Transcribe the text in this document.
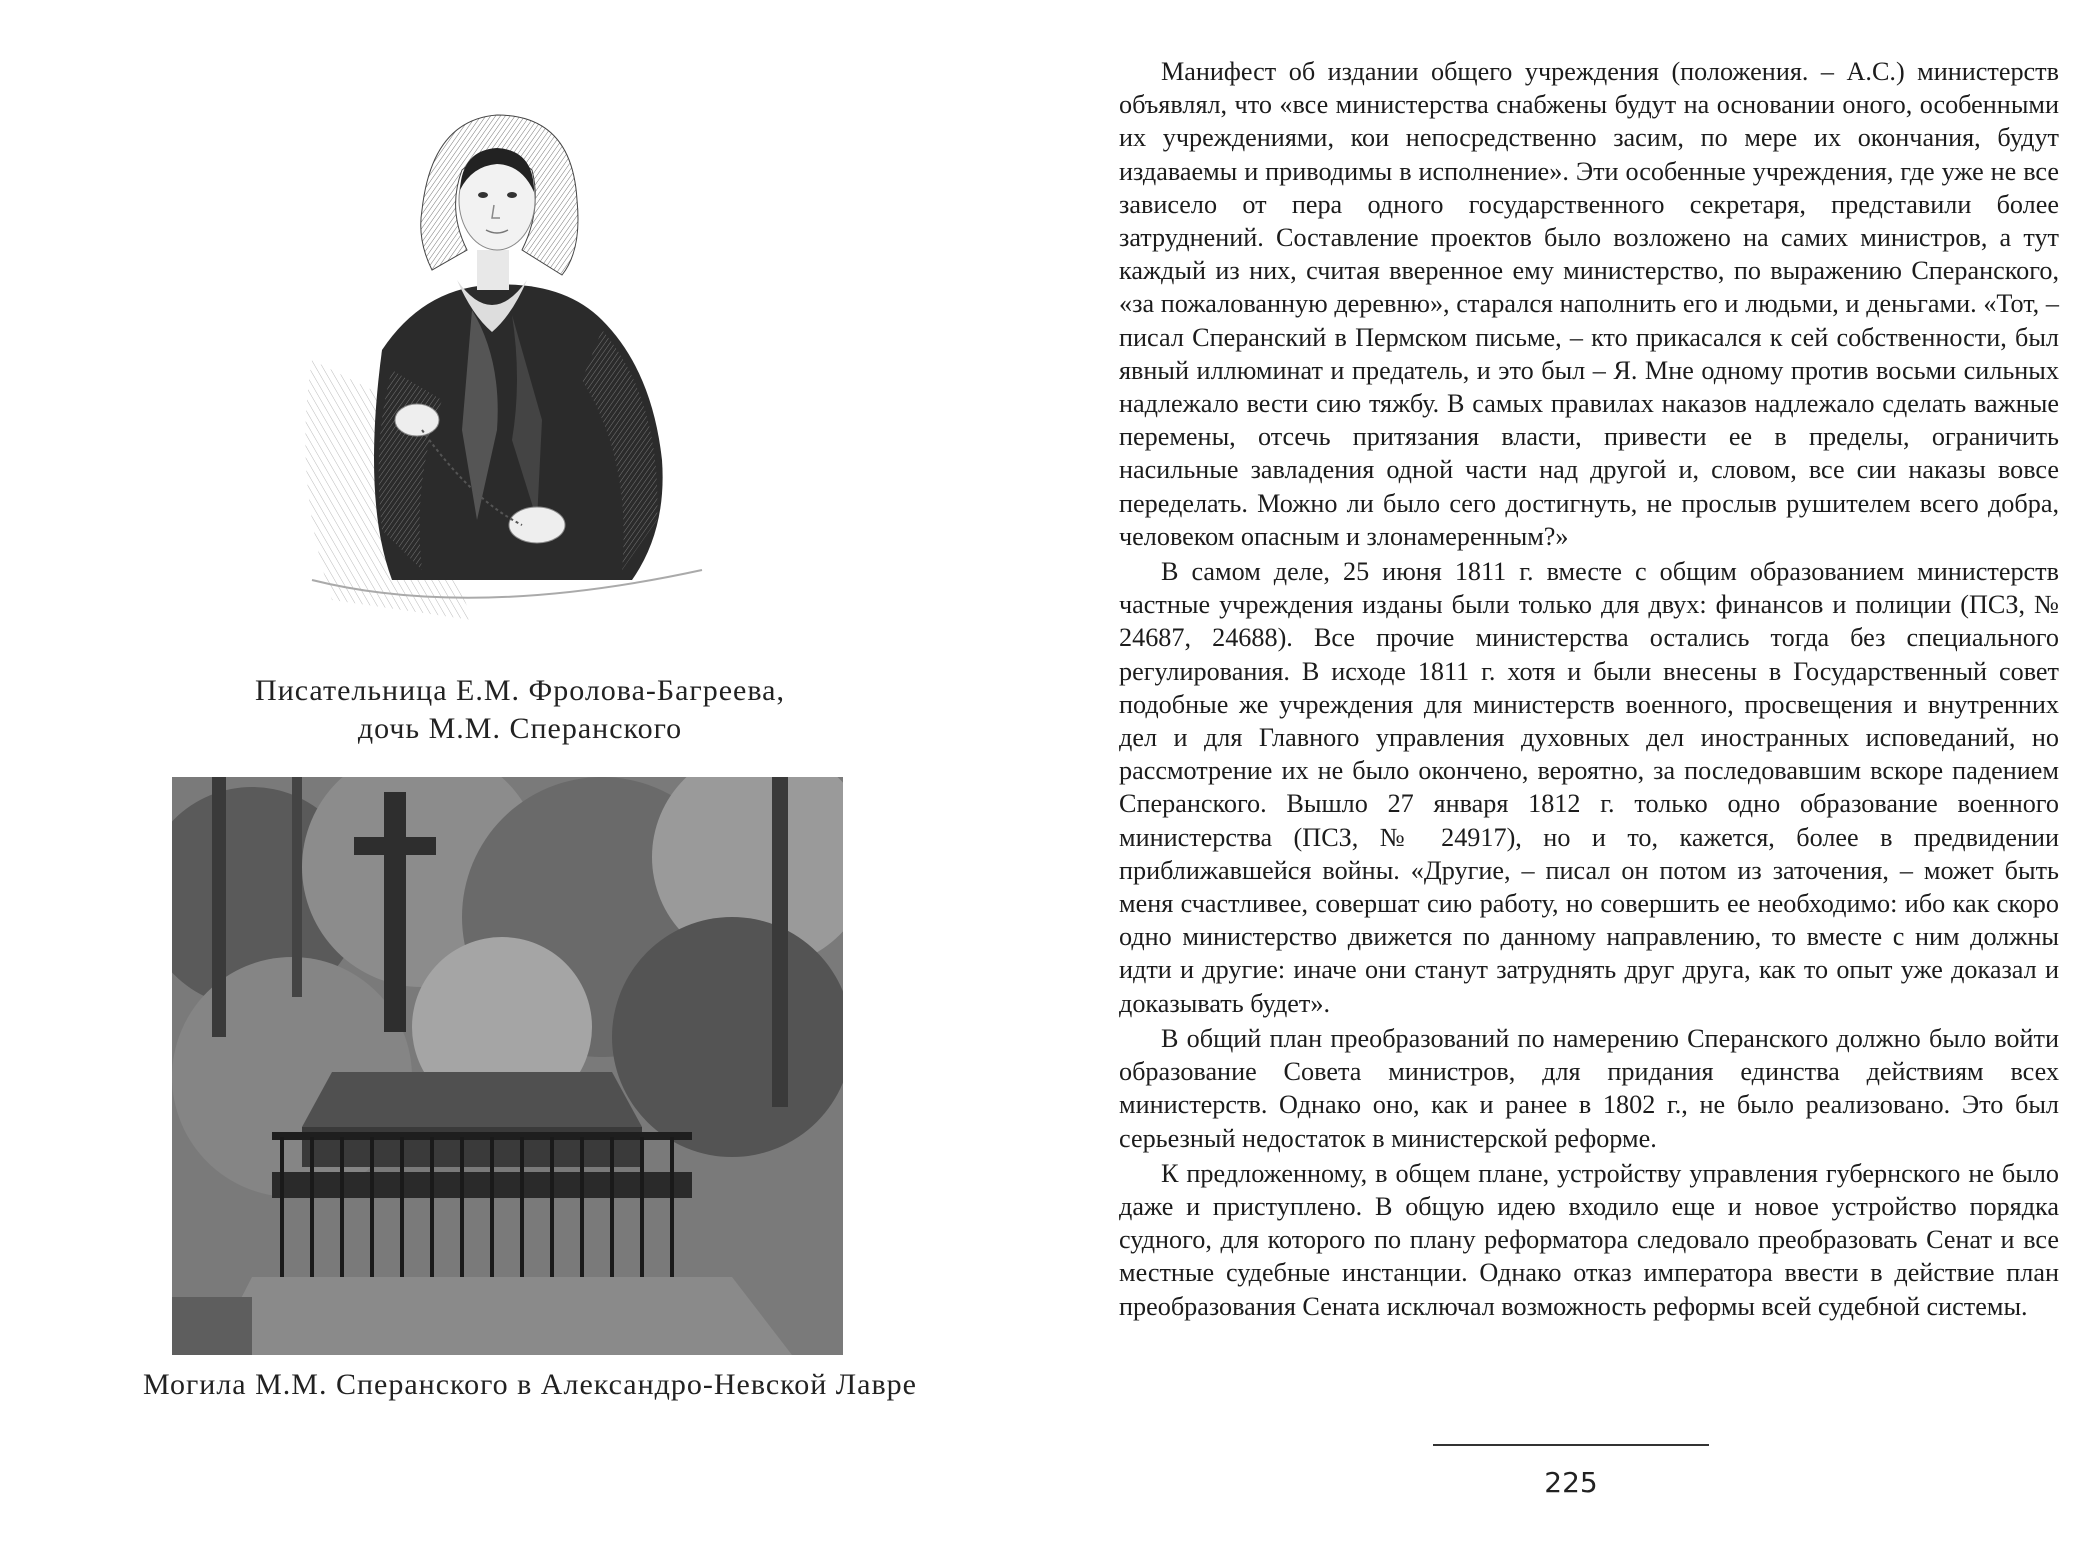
Писательница Е.М. Фролова-Багреева,
дочь М.М. Сперанского
Могила М.М. Сперанского в Александро-Невской Лавре

Манифест об издании общего учреждения (положения. – А.С.) министерств объявлял, что «все министерства снабжены будут на основании оного, особенными их учреждениями, кои непосредственно засим, по мере их окончания, будут издаваемы и приводимы в исполнение». Эти особенные учреждения, где уже не все зависело от пера одного государственного секретаря, представили более затруднений. Составление проектов было возложено на самих министров, а тут каждый из них, считая вверенное ему министерство, по выражению Сперанского, «за пожалованную деревню», старался наполнить его и людьми, и деньгами. «Тот, – писал Сперанский в Пермском письме, – кто прикасался к сей собственности, был явный иллюминат и предатель, и это был – Я. Мне одному против восьми сильных надлежало вести сию тяжбу. В самых правилах наказов надлежало сделать важные перемены, отсечь притязания власти, привести ее в пределы, ограничить насильные завладения одной части над другой и, словом, все сии наказы вовсе переделать. Можно ли было сего достигнуть, не прослыв рушителем всего добра, человеком опасным и злонамеренным?»

В самом деле, 25 июня 1811 г. вместе с общим образованием министерств частные учреждения изданы были только для двух: финансов и полиции (ПСЗ, № 24687, 24688). Все прочие министерства остались тогда без специального регулирования. В исходе 1811 г. хотя и были внесены в Государственный совет подобные же учреждения для министерств военного, просвещения и внутренних дел и для Главного управления духовных дел иностранных исповеданий, но рассмотрение их не было окончено, вероятно, за последовавшим вскоре падением Сперанского. Вышло 27 января 1812 г. только одно образование военного министерства (ПСЗ, № 24917), но и то, кажется, более в предвидении приближавшейся войны. «Другие, – писал он потом из заточения, – может быть меня счастливее, совершат сию работу, но совершить ее необходимо: ибо как скоро одно министерство движется по данному направлению, то вместе с ним должны идти и другие: иначе они станут затруднять друг друга, как то опыт уже доказал и доказывать будет».

В общий план преобразований по намерению Сперанского должно было войти образование Совета министров, для придания единства действиям всех министерств. Однако оно, как и ранее в 1802 г., не было реализовано. Это был серьезный недостаток в министерской реформе.

К предложенному, в общем плане, устройству управления губернского не было даже и приступлено. В общую идею входило еще и новое устройство порядка судного, для которого по плану реформатора следовало преобразовать Сенат и все местные судебные инстанции. Однако отказ императора ввести в действие план преобразования Сената исключал возможность реформы всей судебной системы.

225
